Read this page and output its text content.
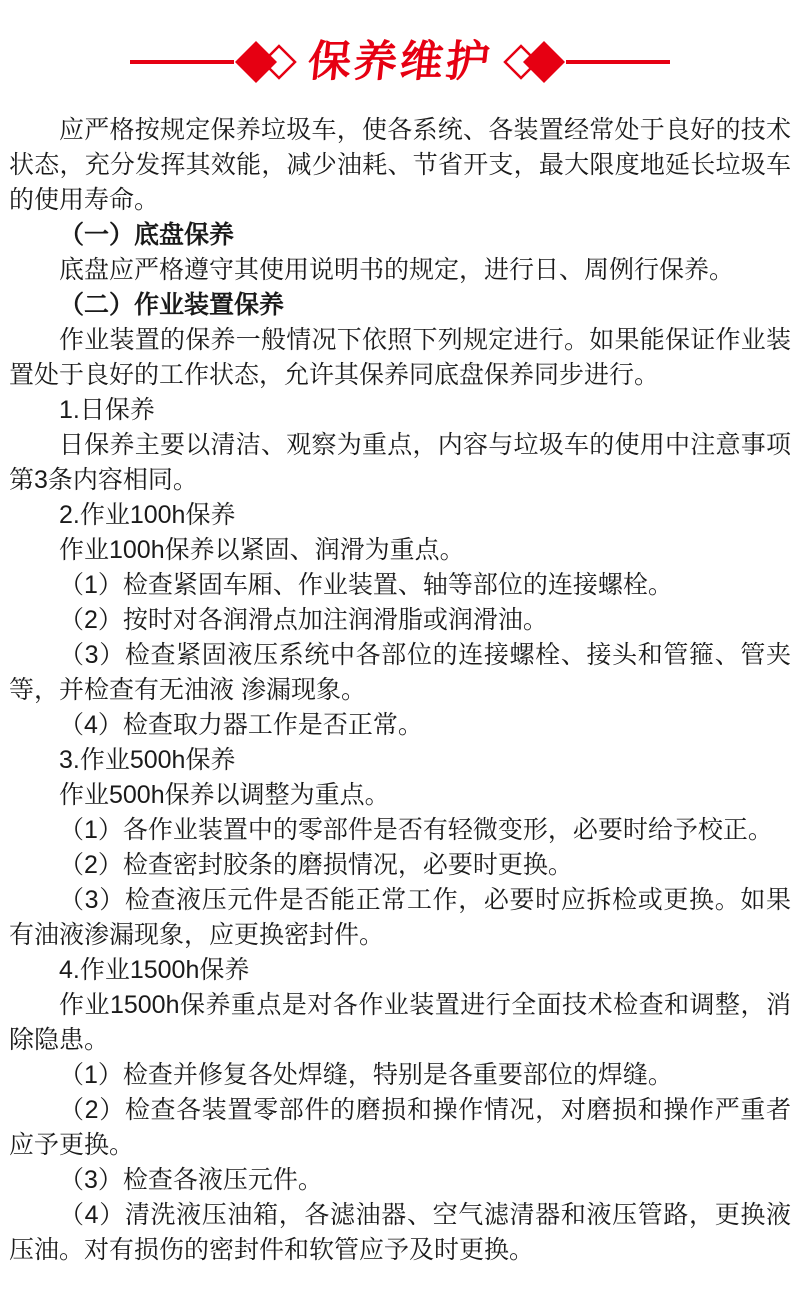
保养维护

应严格按规定保养垃圾车，使各系统、各装置经常处于良好的技术状态，充分发挥其效能，减少油耗、节省开支，最大限度地延长垃圾车的使用寿命。

（一）底盘保养

底盘应严格遵守其使用说明书的规定，进行日、周例行保养。

（二）作业装置保养

作业装置的保养一般情况下依照下列规定进行。如果能保证作业装置处于良好的工作状态，允许其保养同底盘保养同步进行。

1.日保养

日保养主要以清洁、观察为重点，内容与垃圾车的使用中注意事项第3条内容相同。

2.作业100h保养

作业100h保养以紧固、润滑为重点。

（1）检查紧固车厢、作业装置、轴等部位的连接螺栓。

（2）按时对各润滑点加注润滑脂或润滑油。

（3）检查紧固液压系统中各部位的连接螺栓、接头和管箍、管夹等，并检查有无油液 渗漏现象。

（4）检查取力器工作是否正常。

3.作业500h保养

作业500h保养以调整为重点。

（1）各作业装置中的零部件是否有轻微变形，必要时给予校正。

（2）检查密封胶条的磨损情况，必要时更换。

（3）检查液压元件是否能正常工作，必要时应拆检或更换。如果有油液渗漏现象，应更换密封件。

4.作业1500h保养

作业1500h保养重点是对各作业装置进行全面技术检查和调整，消除隐患。

（1）检查并修复各处焊缝，特别是各重要部位的焊缝。

（2）检查各装置零部件的磨损和操作情况，对磨损和操作严重者应予更换。

（3）检查各液压元件。

（4）清洗液压油箱，各滤油器、空气滤清器和液压管路，更换液压油。对有损伤的密封件和软管应予及时更换。
